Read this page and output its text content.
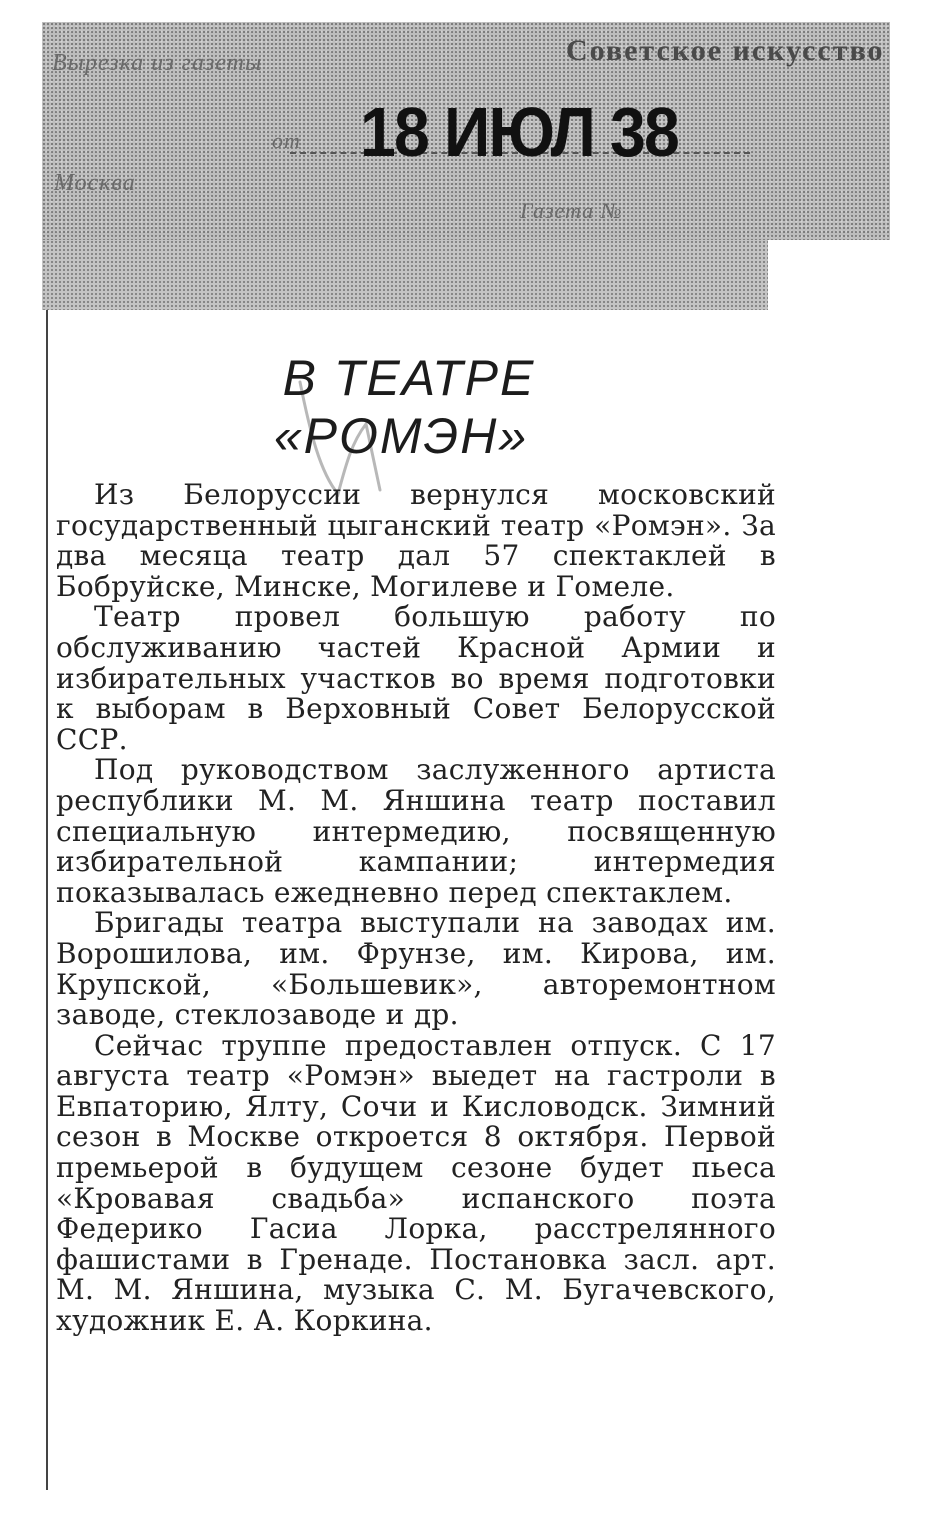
Вырезка из газеты	Советское искусство
от 18 ИЮЛ 38
Москва
Газета №
В ТЕАТРЕ
«РОМЭН»

Из Белоруссии вернулся московский государственный цыганский театр «Ромэн». За два месяца театр дал 57 спектаклей в Бобруйске, Минске, Могилеве и Гомеле.

Театр провел большую работу по обслуживанию частей Красной Армии и избирательных участков во время подготовки к выборам в Верховный Совет Белорусской ССР.

Под руководством заслуженного артиста республики М. М. Яншина театр поставил специальную интермедию, посвященную избирательной кампании; интермедия показывалась ежедневно перед спектаклем.

Бригады театра выступали на заводах им. Ворошилова, им. Фрунзе, им. Кирова, им. Крупской, «Большевик», авторемонтном заводе, стеклозаводе и др.

Сейчас труппе предоставлен отпуск. С 17 августа театр «Ромэн» выедет на гастроли в Евпаторию, Ялту, Сочи и Кисловодск. Зимний сезон в Москве откроется 8 октября. Первой премьерой в будущем сезоне будет пьеса «Кровавая свадьба» испанского поэта Федерико Гасиа Лорка, расстрелянного фашистами в Гренаде. Постановка засл. арт. М. М. Яншина, музыка С. М. Бугачевского, художник Е. А. Коркина.
